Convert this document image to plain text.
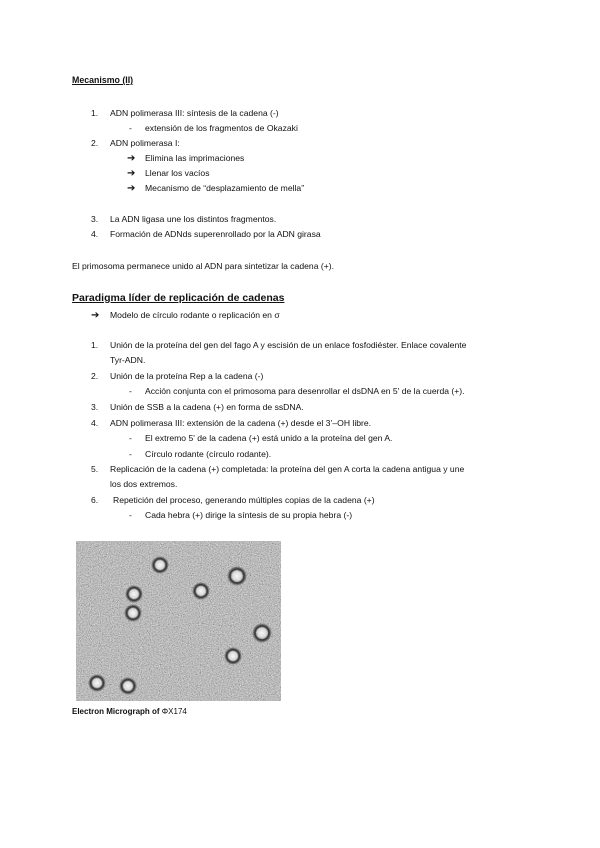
Mecanismo (II)
1. ADN polimerasa III: síntesis de la cadena (-)
- extensión de los fragmentos de Okazaki
2. ADN polimerasa I:
➔ Elimina las imprimaciones
➔ Llenar los vacíos
➔ Mecanismo de “desplazamiento de mella”
3. La ADN ligasa une los distintos fragmentos.
4. Formación de ADNds superenrollado por la ADN girasa
El primosoma permanece unido al ADN para sintetizar la cadena (+).
Paradigma líder de replicación de cadenas
➔ Modelo de círculo rodante o replicación en σ
1. Unión de la proteína del gen del fago A y escisión de un enlace fosfodiéster. Enlace covalente
Tyr-ADN.
2. Unión de la proteína Rep a la cadena (-)
- Acción conjunta con el primosoma para desenrollar el dsDNA en 5' de la cuerda (+).
3. Unión de SSB a la cadena (+) en forma de ssDNA.
4. ADN polimerasa III: extensión de la cadena (+) desde el 3’–OH libre.
- El extremo 5' de la cadena (+) está unido a la proteína del gen A.
- Círculo rodante (círculo rodante).
5. Replicación de la cadena (+) completada: la proteína del gen A corta la cadena antigua y une
los dos extremos.
6. Repetición del proceso, generando múltiples copias de la cadena (+)
- Cada hebra (+) dirige la síntesis de su propia hebra (-)
Electron Micrograph of ΦX174
